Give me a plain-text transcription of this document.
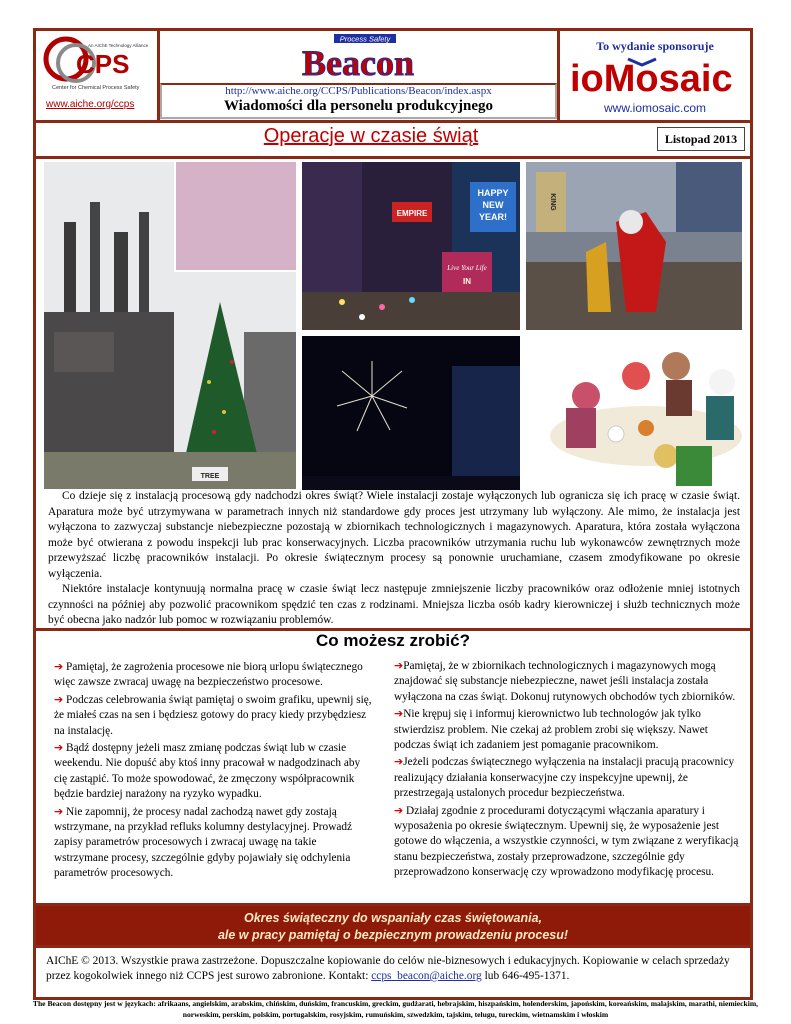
CPS
An AIChE Technology Alliance
Center for Chemical Process Safety
www.aiche.org/ccps
Process Safety
Beacon
http://www.aiche.org/CCPS/Publications/Beacon/index.aspx
Wiadomości dla personelu produkcyjnego
To wydanie sponsoruje
ioMosaic
www.iomosaic.com
Operacje w czasie świąt	Listopad 2013
TREE
HAPPY
NEW
YEAR!
Live Your Life
IN
EMPIRE
KING

Co dzieje się z instalacją procesową gdy nadchodzi okres świąt? Wiele instalacji zostaje wyłączonych lub ogranicza się ich pracę w czasie świąt. Aparatura może być utrzymywana w parametrach innych niż standardowe gdy proces jest utrzymany lub wyłączony. Ale mimo, że instalacja jest wyłączona to zazwyczaj substancje niebezpieczne pozostają w zbiornikach technologicznych i magazynowych. Aparatura, która została wyłączona może być otwierana z powodu inspekcji lub prac konserwacyjnych. Liczba pracowników utrzymania ruchu lub wykonawców zewnętrznych może przewyższać liczbę pracowników instalacji. Po okresie świątecznym procesy są ponownie uruchamiane, czasem zmodyfikowane po okresie wyłączenia.

Niektóre instalacje kontynuują normalna pracę w czasie świąt lecz następuje zmniejszenie liczby pracowników oraz odłożenie mniej istotnych czynności na później aby pozwolić pracownikom spędzić ten czas z rodzinami. Mniejsza liczba osób kadry kierowniczej i służb technicznych może być obecna jako nadzór lub pomoc w rozwiązaniu problemów.

Co możesz zrobić?
➔ Pamiętaj, że zagrożenia procesowe nie biorą urlopu świątecznego więc zawsze zwracaj uwagę na bezpieczeństwo procesowe.
➔ Podczas celebrowania świąt pamiętaj o swoim grafiku, upewnij się, że miałeś czas na sen i będziesz gotowy do pracy kiedy przybędziesz na instalację.
➔ Bądź dostępny jeżeli masz zmianę podczas świąt lub w czasie weekendu. Nie dopuść aby ktoś inny pracował w nadgodzinach aby cię zastąpić. To może spowodować, że zmęczony współpracownik będzie bardziej narażony na ryzyko wypadku.
➔ Nie zapomnij, że procesy nadal zachodzą nawet gdy zostają wstrzymane, na przykład refluks kolumny destylacyjnej. Prowadź zapisy parametrów procesowych i zwracaj uwagę na takie wstrzymane procesy, szczególnie gdyby pojawiały się odchylenia parametrów procesowych.
➔Pamiętaj, że w zbiornikach technologicznych i magazynowych mogą znajdować się substancje niebezpieczne, nawet jeśli instalacja została wyłączona na czas świąt. Dokonuj rutynowych obchodów tych zbiorników.
➔Nie krępuj się i informuj kierownictwo lub technologów jak tylko stwierdzisz problem. Nie czekaj aż problem zrobi się większy. Nawet podczas świąt ich zadaniem jest pomaganie pracownikom.
➔Jeżeli podczas świątecznego wyłączenia na instalacji pracują pracownicy realizujący działania konserwacyjne czy inspekcyjne upewnij, że przestrzegają ustalonych procedur bezpieczeństwa.
➔ Działaj zgodnie z procedurami dotyczącymi włączania aparatury i wyposażenia po okresie świątecznym. Upewnij się, że wyposażenie jest gotowe do włączenia, a wszystkie czynności, w tym związane z weryfikacją stanu bezpieczeństwa, zostały przeprowadzone, szczególnie gdy przeprowadzono konserwację czy wprowadzono modyfikację procesu.
Okres świąteczny do wspaniały czas świętowania,
ale w pracy pamiętaj o bezpiecznym prowadzeniu procesu!
AIChE © 2013. Wszystkie prawa zastrzeżone. Dopuszczalne kopiowanie do celów nie-biznesowych i edukacyjnych. Kopiowanie w celach sprzedaży przez kogokolwiek innego niż CCPS jest surowo zabronione. Kontakt: ccps_beacon@aiche.org lub 646-495-1371.
The Beacon dostępny jest w językach: afrikaans, angielskim, arabskim, chińskim, duńskim, francuskim, greckim, gudżarati, hebrajskim, hiszpańskim, holenderskim, japońskim, koreańskim, malajskim, marathi, niemieckim, norweskim, perskim, polskim, portugalskim, rosyjskim, rumuńskim, szwedzkim, tajskim, telugu, tureckim, wietnamskim i włoskim
